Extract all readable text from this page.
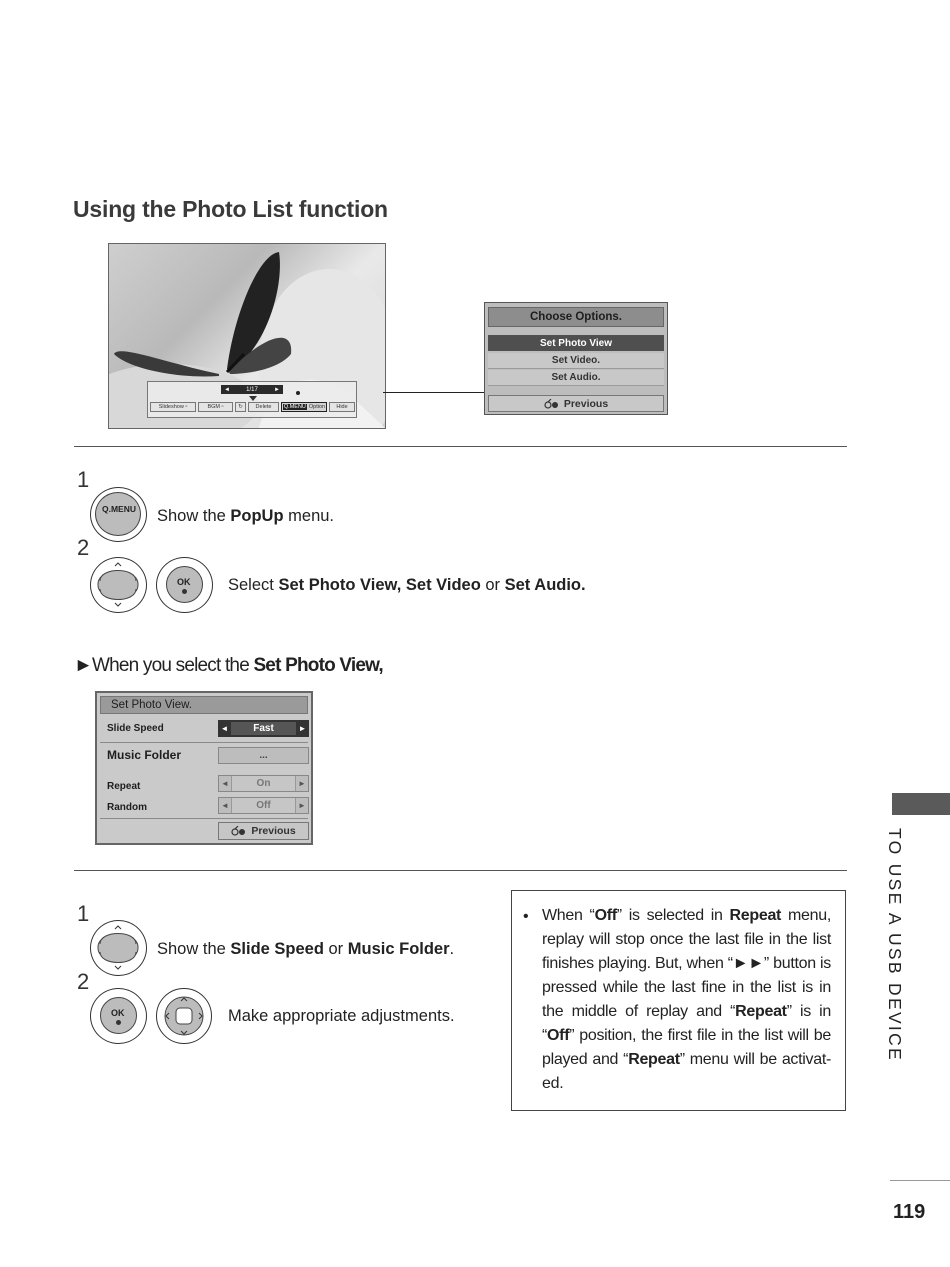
Using the Photo List function
◄	1/17	►
Slideshow ▫	BGM ▫	↻	Delete	Q.MENU Option	Hide
Choose Options.
Set Photo View
Set Video.
Set Audio.
Previous
1
Q.MENU Show the PopUp menu.
2
OK Select Set Photo View, Set Video or Set Audio.
►When you select the Set Photo View,
Set Photo View.
Slide Speed	◄	Fast	►
Music Folder	...
Repeat	◄	On	►
Random	◄	Off	►
Previous
1
Show the Slide Speed or Music Folder.
2
OK	Make appropriate adjustments.
• When “Off” is selected in Repeat menu, replay will stop once the last file in the list finishes playing. But, when “►►” button is pressed while the last fine in the list is in the middle of replay and “Repeat” is in “Off” position, the first file in the list will be played and “Repeat” menu will be activat-ed.
TO USE A USB DEVICE
119
